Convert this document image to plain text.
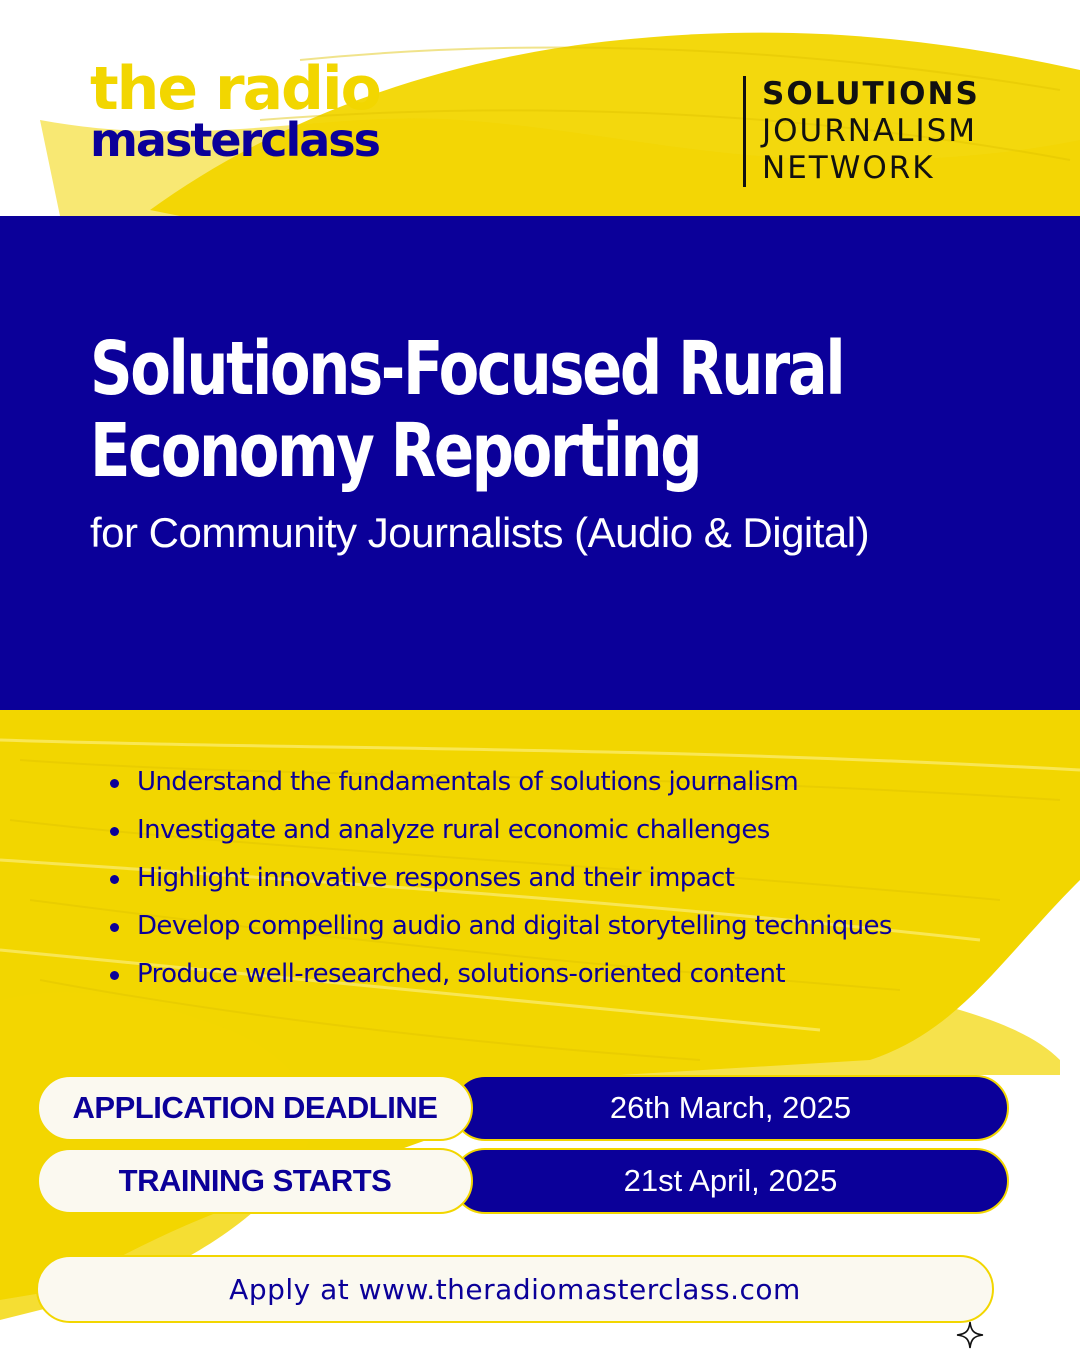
the radio
masterclass
SOLUTIONS
JOURNALISM
NETWORK
Solutions-Focused Rural
Economy Reporting

for Community Journalists (Audio & Digital)

Understand the fundamentals of solutions journalism
Investigate and analyze rural economic challenges
Highlight innovative responses and their impact
Develop compelling audio and digital storytelling techniques
Produce well-researched, solutions-oriented content
26th March, 2025
APPLICATION DEADLINE
21st April, 2025
TRAINING STARTS
Apply at www.theradiomasterclass.com
